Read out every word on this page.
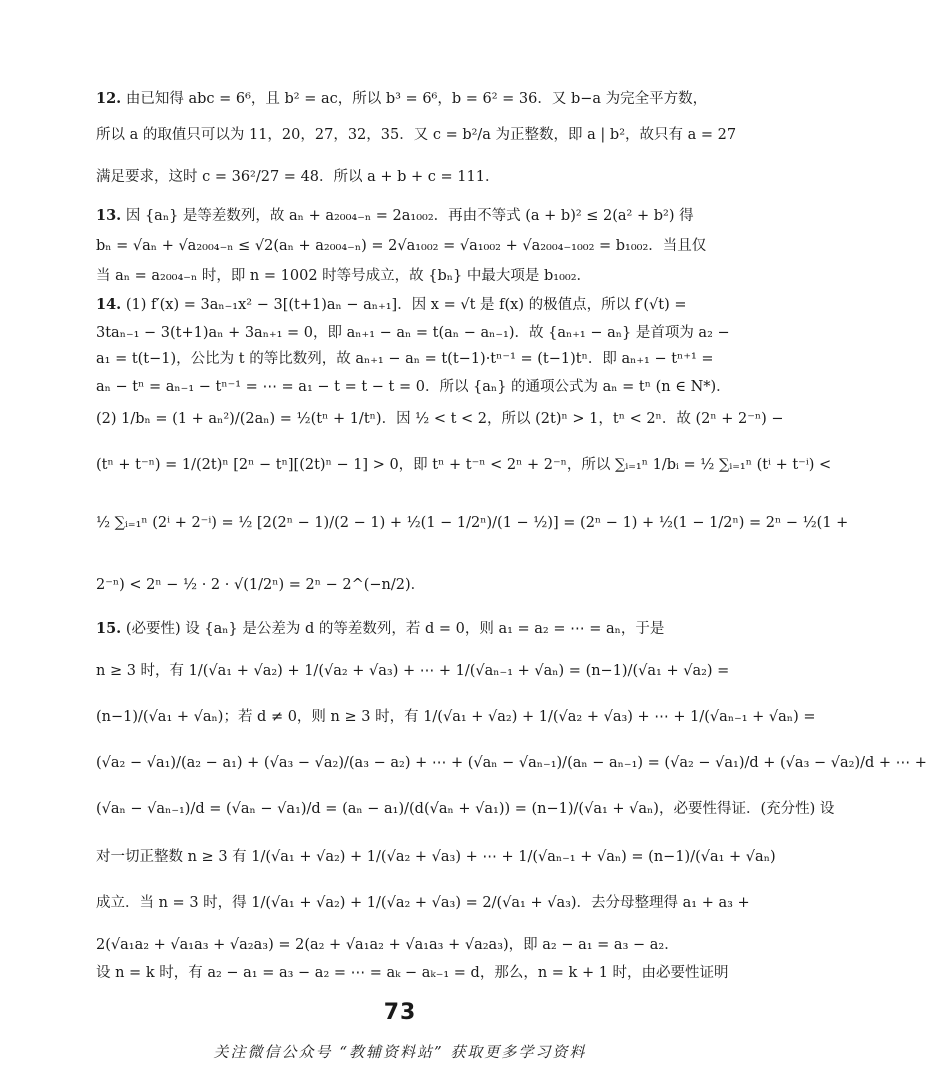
12. 由已知得 abc = 6⁶，且 b² = ac，所以 b³ = 6⁶，b = 6² = 36．又 b−a 为完全平方数，
所以 a 的取值只可以为 11，20，27，32，35．又 c = b²/a 为正整数，即 a | b²，故只有 a = 27
满足要求，这时 c = 36²/27 = 48．所以 a + b + c = 111．
13. 因 {aₙ} 是等差数列，故 aₙ + a₂₀₀₄₋ₙ = 2a₁₀₀₂．再由不等式 (a + b)² ≤ 2(a² + b²) 得
bₙ = √aₙ + √a₂₀₀₄₋ₙ ≤ √2(aₙ + a₂₀₀₄₋ₙ) = 2√a₁₀₀₂ = √a₁₀₀₂ + √a₂₀₀₄₋₁₀₀₂ = b₁₀₀₂．当且仅
当 aₙ = a₂₀₀₄₋ₙ 时，即 n = 1002 时等号成立，故 {bₙ} 中最大项是 b₁₀₀₂．
14. (1) f′(x) = 3aₙ₋₁x² − 3[(t+1)aₙ − aₙ₊₁]．因 x = √t 是 f(x) 的极值点，所以 f′(√t) =
3taₙ₋₁ − 3(t+1)aₙ + 3aₙ₊₁ = 0，即 aₙ₊₁ − aₙ = t(aₙ − aₙ₋₁)．故 {aₙ₊₁ − aₙ} 是首项为 a₂ −
a₁ = t(t−1)，公比为 t 的等比数列，故 aₙ₊₁ − aₙ = t(t−1)·tⁿ⁻¹ = (t−1)tⁿ．即 aₙ₊₁ − tⁿ⁺¹ =
aₙ − tⁿ = aₙ₋₁ − tⁿ⁻¹ = ⋯ = a₁ − t = t − t = 0．所以 {aₙ} 的通项公式为 aₙ = tⁿ (n ∈ N*)．
(2) 1/bₙ = (1 + aₙ²)/(2aₙ) = ½(tⁿ + 1/tⁿ)．因 ½ < t < 2，所以 (2t)ⁿ > 1，tⁿ < 2ⁿ．故 (2ⁿ + 2⁻ⁿ) −
(tⁿ + t⁻ⁿ) = 1/(2t)ⁿ [2ⁿ − tⁿ][(2t)ⁿ − 1] > 0，即 tⁿ + t⁻ⁿ < 2ⁿ + 2⁻ⁿ，所以 ∑ᵢ₌₁ⁿ 1/bᵢ = ½ ∑ᵢ₌₁ⁿ (tⁱ + t⁻ⁱ) <
½ ∑ᵢ₌₁ⁿ (2ⁱ + 2⁻ⁱ) = ½ [2(2ⁿ − 1)/(2 − 1) + ½(1 − 1/2ⁿ)/(1 − ½)] = (2ⁿ − 1) + ½(1 − 1/2ⁿ) = 2ⁿ − ½(1 +
2⁻ⁿ) < 2ⁿ − ½ · 2 · √(1/2ⁿ) = 2ⁿ − 2^(−n/2)．
15. (必要性) 设 {aₙ} 是公差为 d 的等差数列，若 d = 0，则 a₁ = a₂ = ⋯ = aₙ，于是
n ≥ 3 时，有 1/(√a₁ + √a₂) + 1/(√a₂ + √a₃) + ⋯ + 1/(√aₙ₋₁ + √aₙ) = (n−1)/(√a₁ + √a₂) =
(n−1)/(√a₁ + √aₙ)；若 d ≠ 0，则 n ≥ 3 时，有 1/(√a₁ + √a₂) + 1/(√a₂ + √a₃) + ⋯ + 1/(√aₙ₋₁ + √aₙ) =
(√a₂ − √a₁)/(a₂ − a₁) + (√a₃ − √a₂)/(a₃ − a₂) + ⋯ + (√aₙ − √aₙ₋₁)/(aₙ − aₙ₋₁) = (√a₂ − √a₁)/d + (√a₃ − √a₂)/d + ⋯ +
(√aₙ − √aₙ₋₁)/d = (√aₙ − √a₁)/d = (aₙ − a₁)/(d(√aₙ + √a₁)) = (n−1)/(√a₁ + √aₙ)，必要性得证．(充分性) 设
对一切正整数 n ≥ 3 有 1/(√a₁ + √a₂) + 1/(√a₂ + √a₃) + ⋯ + 1/(√aₙ₋₁ + √aₙ) = (n−1)/(√a₁ + √aₙ)
成立．当 n = 3 时，得 1/(√a₁ + √a₂) + 1/(√a₂ + √a₃) = 2/(√a₁ + √a₃)．去分母整理得 a₁ + a₃ +
2(√a₁a₂ + √a₁a₃ + √a₂a₃) = 2(a₂ + √a₁a₂ + √a₁a₃ + √a₂a₃)，即 a₂ − a₁ = a₃ − a₂．
设 n = k 时，有 a₂ − a₁ = a₃ − a₂ = ⋯ = aₖ − aₖ₋₁ = d，那么，n = k + 1 时，由必要性证明
73
关注微信公众号 “教辅资料站” 获取更多学习资料
